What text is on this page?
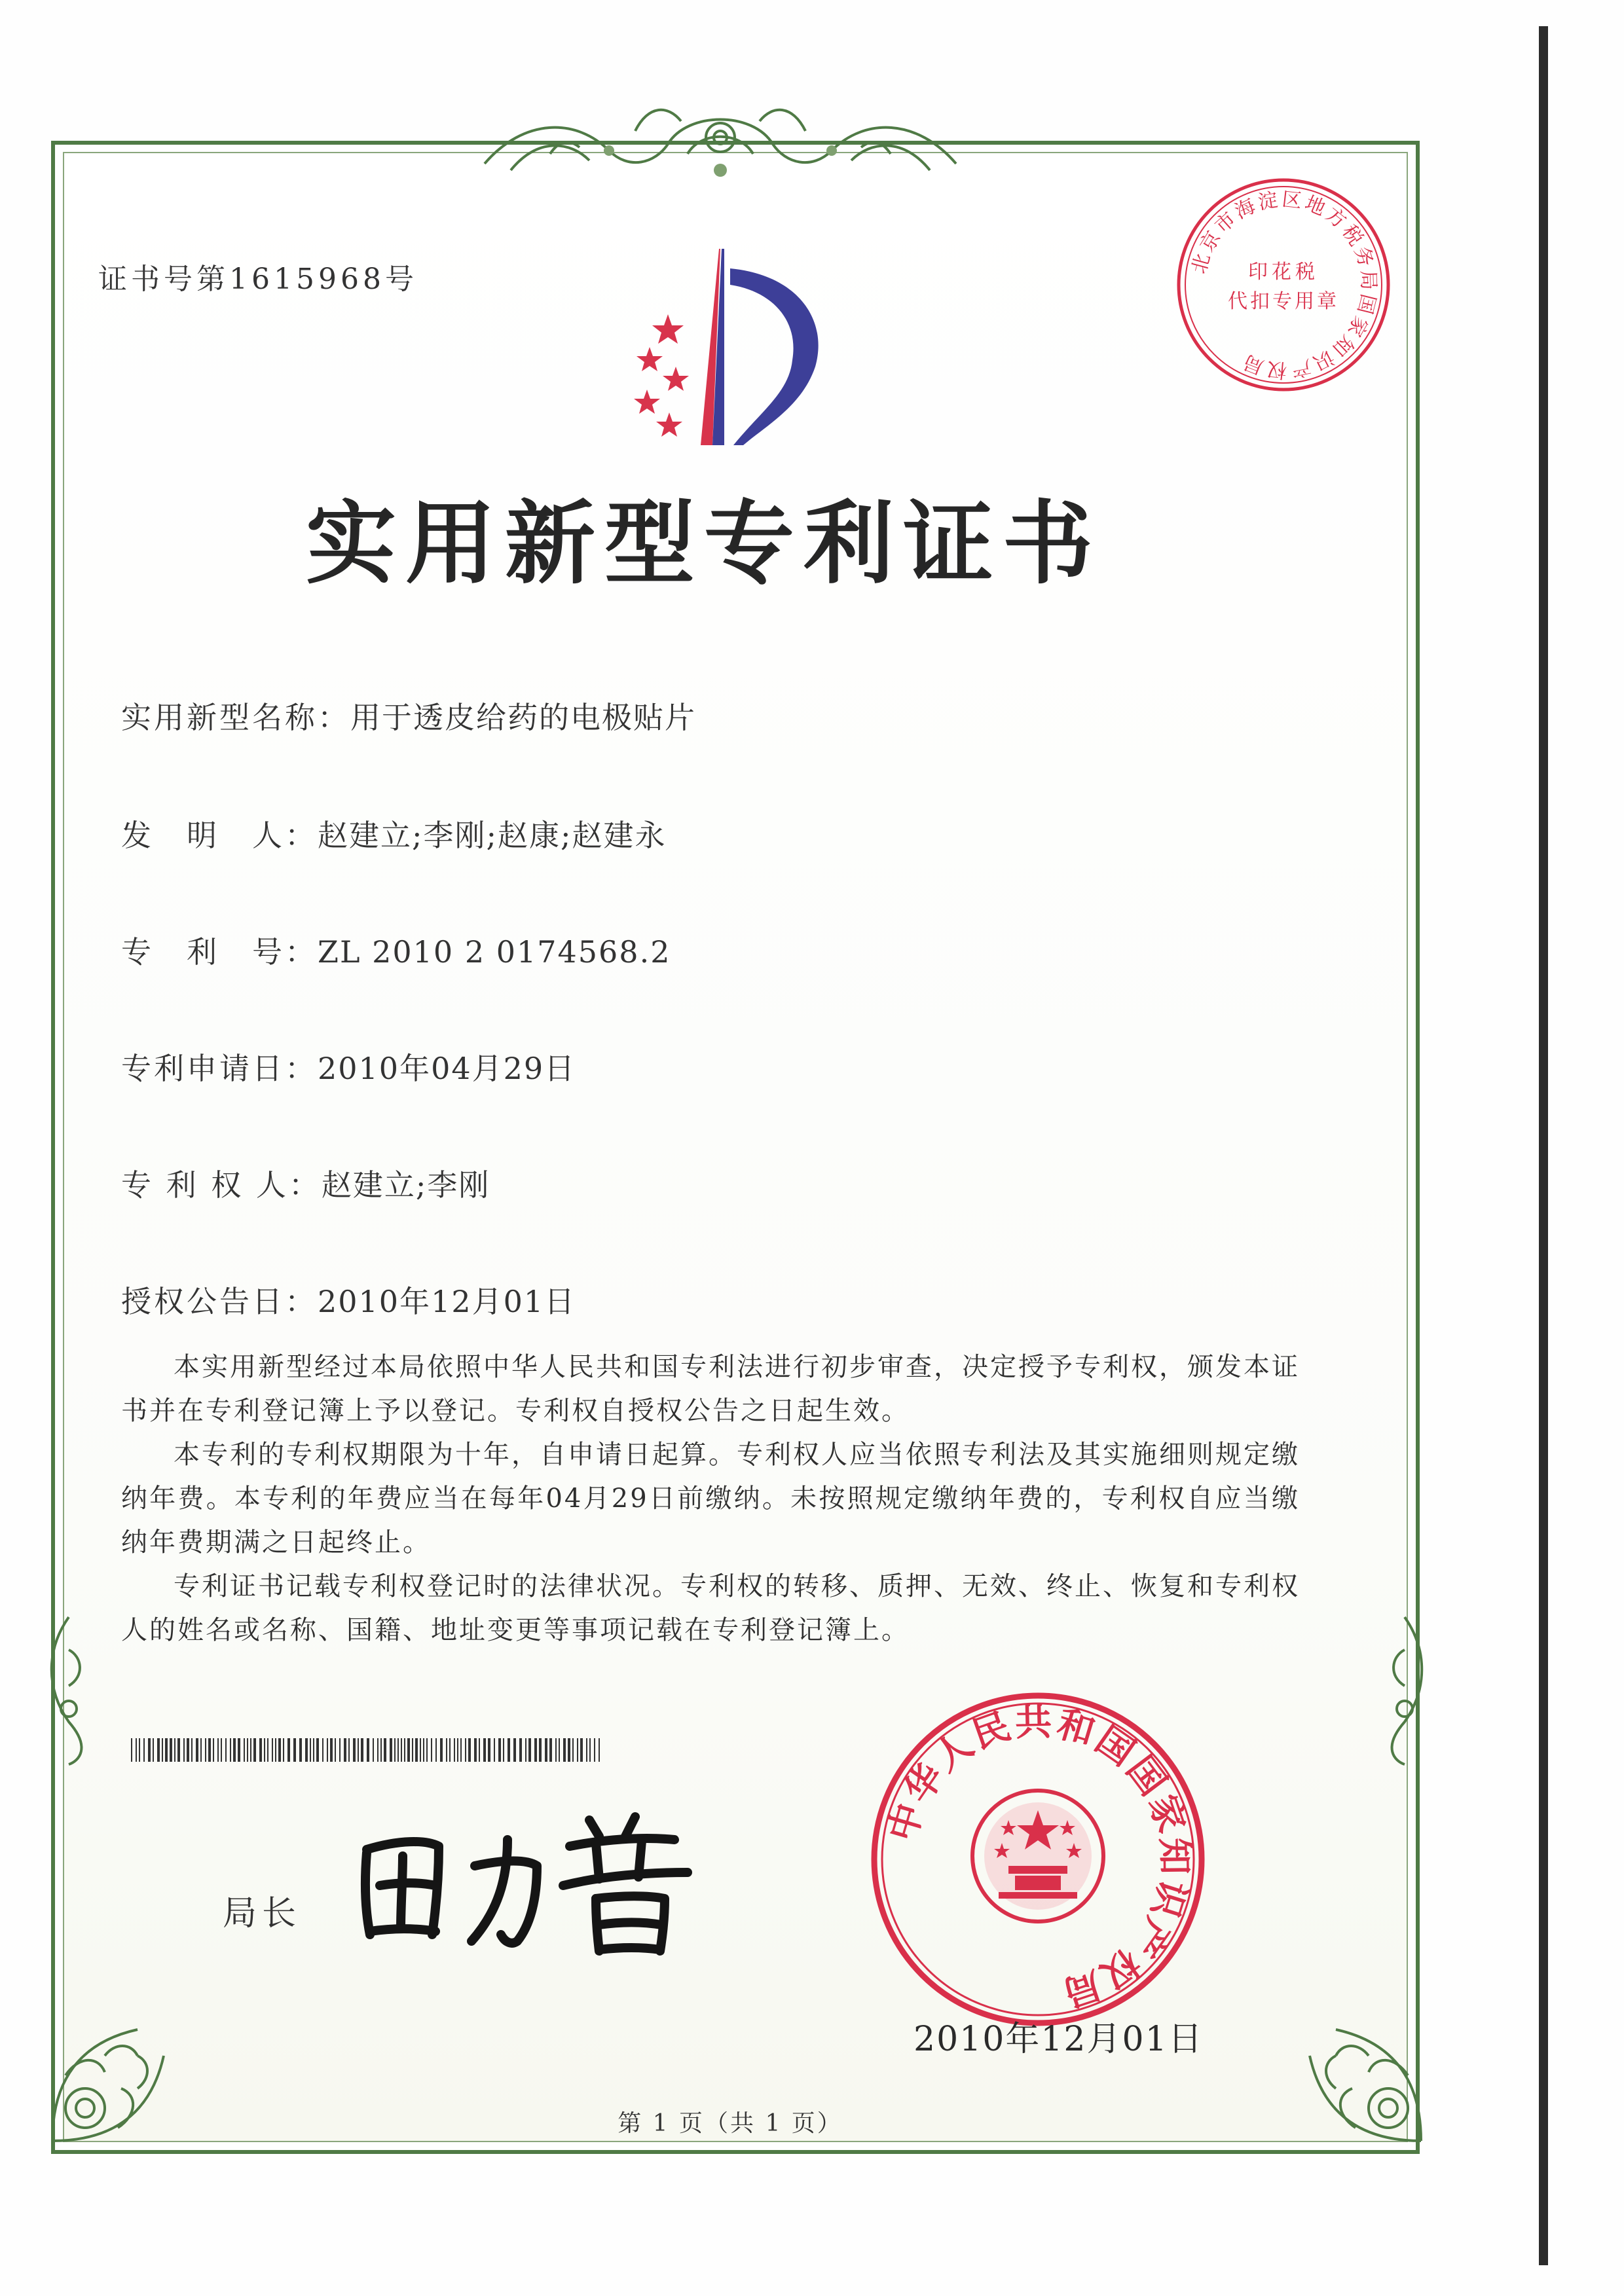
证书号第1615968号
北京市海淀区地方税务局国家知识产权局
印花税
代扣专用章
实用新型专利证书
实用新型名称：用于透皮给药的电极贴片
发　明　人：赵建立;李刚;赵康;赵建永
专　利　号：ZL 2010 2 0174568.2
专利申请日：2010年04月29日
专 利 权 人：赵建立;李刚
授权公告日：2010年12月01日

本实用新型经过本局依照中华人民共和国专利法进行初步审查，决定授予专利权，颁发本证书并在专利登记簿上予以登记。专利权自授权公告之日起生效。

本专利的专利权期限为十年，自申请日起算。专利权人应当依照专利法及其实施细则规定缴纳年费。本专利的年费应当在每年04月29日前缴纳。未按照规定缴纳年费的，专利权自应当缴纳年费期满之日起终止。

专利证书记载专利权登记时的法律状况。专利权的转移、质押、无效、终止、恢复和专利权人的姓名或名称、国籍、地址变更等事项记载在专利登记簿上。

局长
中华人民共和国国家知识产权局
2010年12月01日
第 1 页（共 1 页）
